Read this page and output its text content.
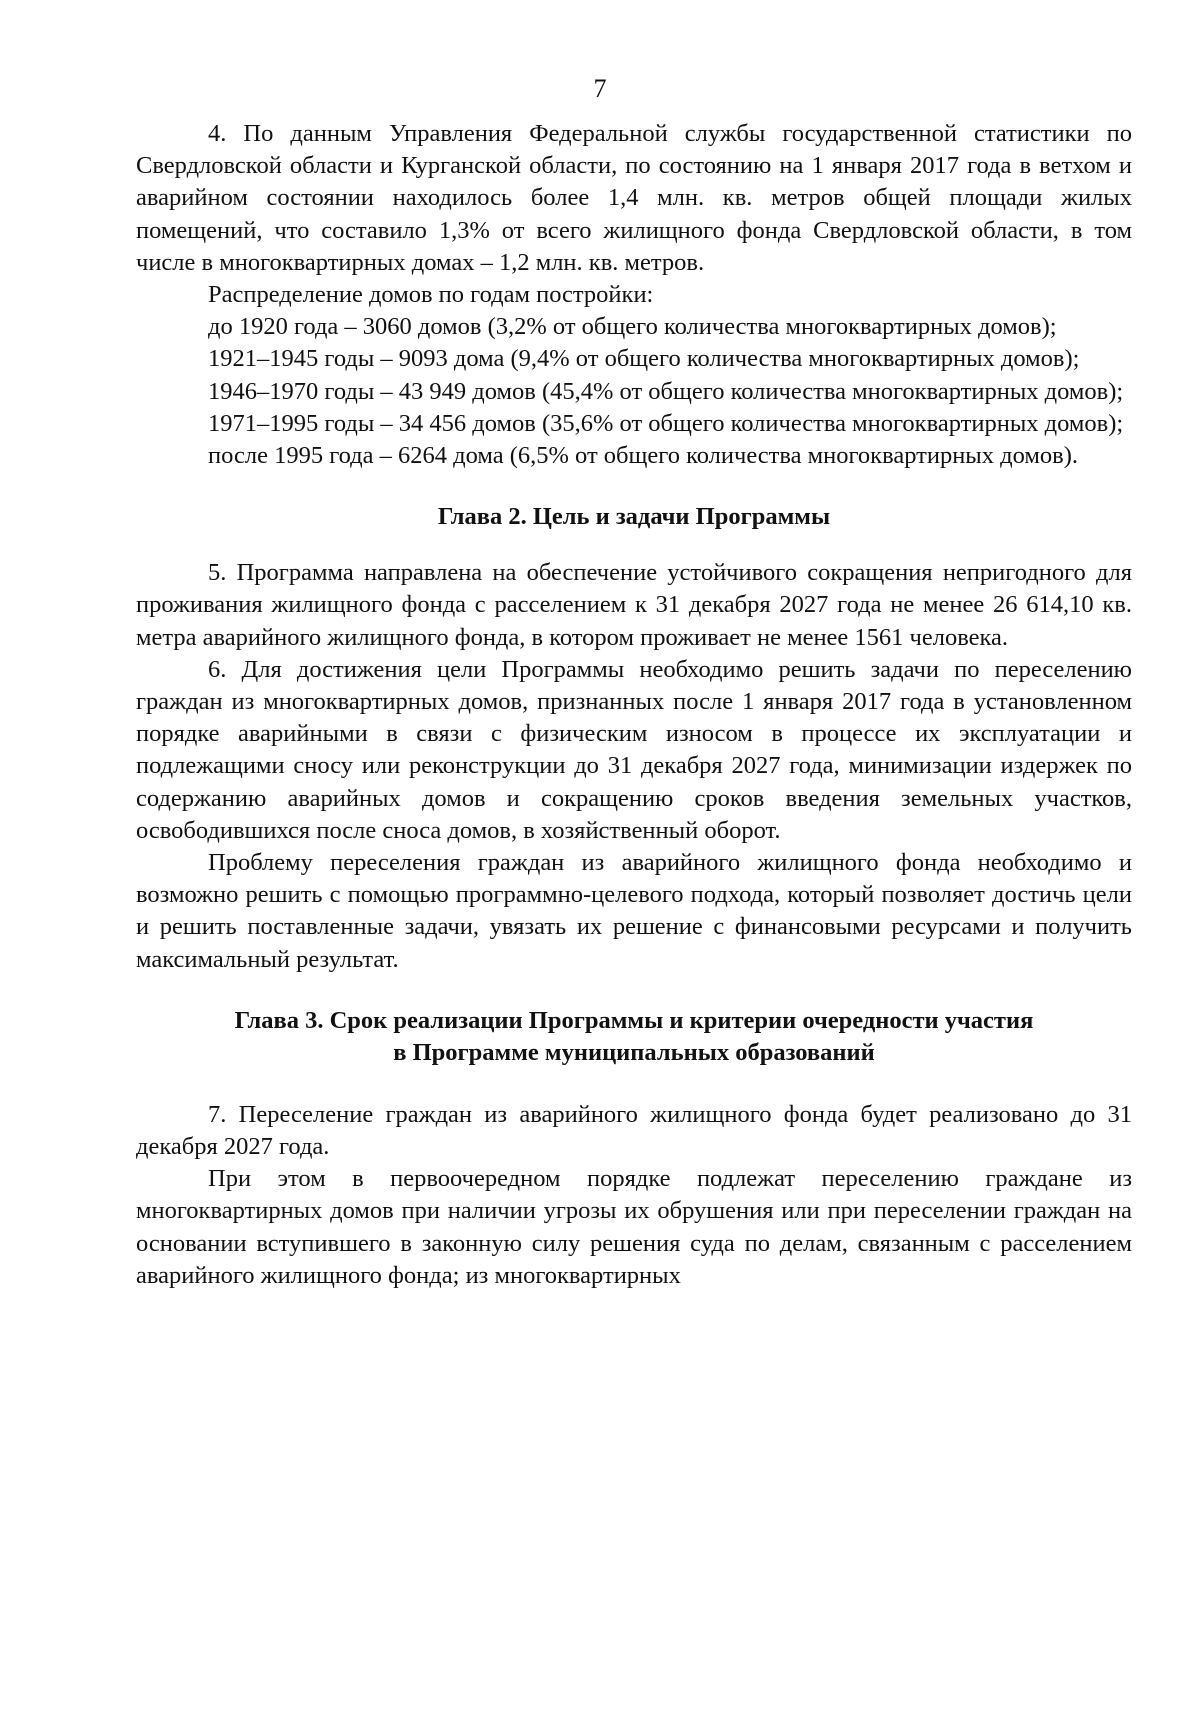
7

4. По данным Управления Федеральной службы государственной статистики по Свердловской области и Курганской области, по состоянию на 1 января 2017 года в ветхом и аварийном состоянии находилось более 1,4 млн. кв. метров общей площади жилых помещений, что составило 1,3% от всего жилищного фонда Свердловской области, в том числе в многоквартирных домах – 1,2 млн. кв. метров.

Распределение домов по годам постройки:

до 1920 года – 3060 домов (3,2% от общего количества многоквартирных домов);

1921–1945 годы – 9093 дома (9,4% от общего количества многоквартирных домов);

1946–1970 годы – 43 949 домов (45,4% от общего количества многоквартирных домов);

1971–1995 годы – 34 456 домов (35,6% от общего количества многоквартирных домов);

после 1995 года – 6264 дома (6,5% от общего количества многоквартирных домов).

Глава 2. Цель и задачи Программы

5. Программа направлена на обеспечение устойчивого сокращения непригодного для проживания жилищного фонда с расселением к 31 декабря 2027 года не менее 26 614,10 кв. метра аварийного жилищного фонда, в котором проживает не менее 1561 человека.

6. Для достижения цели Программы необходимо решить задачи по переселению граждан из многоквартирных домов, признанных после 1 января 2017 года в установленном порядке аварийными в связи с физическим износом в процессе их эксплуатации и подлежащими сносу или реконструкции до 31 декабря 2027 года, минимизации издержек по содержанию аварийных домов и сокращению сроков введения земельных участков, освободившихся после сноса домов, в хозяйственный оборот.

Проблему переселения граждан из аварийного жилищного фонда необходимо и возможно решить с помощью программно-целевого подхода, который позволяет достичь цели и решить поставленные задачи, увязать их решение с финансовыми ресурсами и получить максимальный результат.

Глава 3. Срок реализации Программы и критерии очередности участия
в Программе муниципальных образований

7. Переселение граждан из аварийного жилищного фонда будет реализовано до 31 декабря 2027 года.

При этом в первоочередном порядке подлежат переселению граждане из многоквартирных домов при наличии угрозы их обрушения или при переселении граждан на основании вступившего в законную силу решения суда по делам, связанным с расселением аварийного жилищного фонда; из многоквартирных
